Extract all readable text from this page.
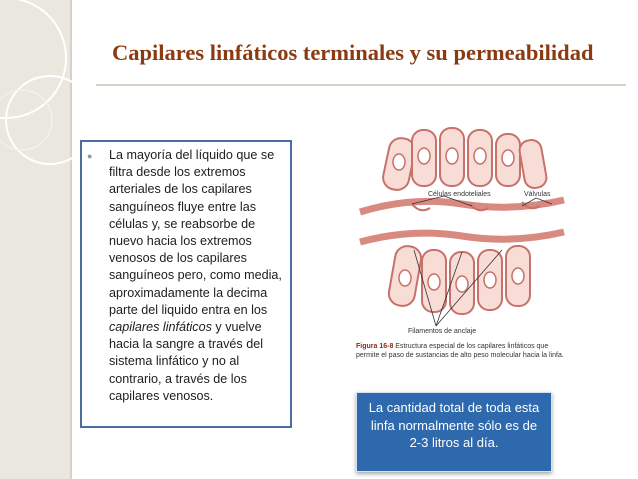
Capilares linfáticos terminales y su permeabilidad
● La mayoría del líquido que se filtra desde los extremos arteriales de los capilares sanguíneos fluye entre las células y, se reabsorbe de nuevo hacia los extremos venosos de los capilares sanguíneos pero, como media, aproximadamente la decima parte del liquido entra en los capilares linfáticos y vuelve hacia la sangre a través del sistema linfático y no al contrario, a través de los capilares venosos.
Células endoteliales	Válvulas
Filamentos de anclaje
Figura 16-8 Estructura especial de los capilares linfáticos que permite el paso de sustancias de alto peso molecular hacia la linfa.
La cantidad total de toda esta linfa normalmente sólo es de 2-3 litros al día.
